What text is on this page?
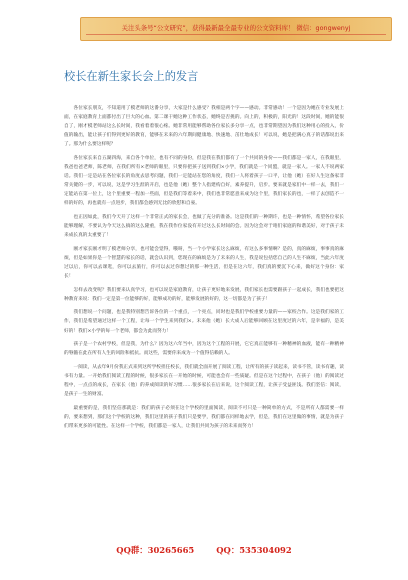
关注头条号“公文研究”，获得最新最全最专业的公文资料库！ 微信：gongwenyj
校长在新生家长会上的发言

各位家长朋友，不知道用了模老师的这番分享，大家是什么感受？我相是两个字——感动。非常感动！一个是因为她在专业发展上面，在家庭教育上面都付出了巨大的心血。第二课干她这种工作状态，她终是否挑的。向上的，积极的，阳光的！这段时间，她的能很自了，刚才模老师站这么长时间，我看着着很心疼。她非常用能够帮助各位家长多分享一点，也非常期望因为我们这种用心的投入，价值的输出，能让孩子们得到更好的教育，能够在未来的六年期间健康地、快速地、茁壮地成长！可以说，她是把满心真子的话都说出来了。那为什么要这样呢？

各位家长来自五湖四海，来自各个单位，也有不同的身份，但是我在我们都有了一个共同的身份——我们都是一家人，在我眼里，我爸也爸老师，陈老师，在我们所有×老师的眼里，只要你把孩子送到我们×小学，我们就是一个同盟，就是一家人。一家人不说两家话。我们一定是站在各位家长的角度去思考问题，我们一定能站在您的角度，我们一人将着孩子一口平，让他（她）在好人生这条家非常关键的一步，可以说，这是学习生涯的开启，也是他（她）整个人指建构自好，素养提升，启步。要来就是家们中一样一去，我们一定能站在第一位上，这个里重要一程加一些面，但是我们等着来中，我们也非常愿意来成为这个里，我们家长的也，一样了去创造不一样的好的，再也就有一点进步，我们都会感到无比的欣慰和自豪。

也正因如此，我们今天开了这样一个非常正式的家长会，也做了充分的准备。这是我们的一种期许，也是一种情怀，希望各位家长能够理解，不要认为今天这么搞的这么隆重，我在我作位家没有开过这么长时间的会。因为这会对于咱们家庭的和谐美好，对于孩子未来成长真的太重要了！

刚才家长刚才明了模老师分享，也可能会觉得，哦呀，当一个小学家长这么麻烦，有这么多事情啊？是的，真的麻烦，事事真的麻烦，但是如果你是一个智慧的家长的话，就会认识到，您现在的麻烦是为了未来的人生，我是说包括您自己的人生不麻烦，当此六年度过以后，你可以去课逛，你可以去旅行，你可以去过你想过的那一种生活，但是在这六年，我们真的要沉下心来，做好这个身份：家长！

怎样去改变呢？我们要来认真学习，也可以说是家庭教育，让孩子更好地来发展，我们家长也需要跟孩子一起成长，我们也要把这种教育来说：我们一定是第一位能够的好，能够成功的好，能够发展的好的，这一切都是为了孩子！

我们想说一个问题，也是我特别想告诉各位的一个重点，一个亮点，同时也是我们学校重要力量的——家校合作。这是我们家的工作，我们是希望通过这样一个工程，让每一个学生来到我们×。未来他（她）长大成人后能够回顾在这里度过的六年，是幸福的，是美好的！我们×小学的每一个老师，都会为此而努力！

孩子是一个农村学校，但是我，为什么？因为这六年当中，因为这个工程的开展，它它真正能够有一种精神的血液，能有一种精神的脊髓在此在所有人生的风险和抵抗。而这些，需要你来成为一个值得信赖的人。

一阅读，从去年9月份我正式来到这所学校担任校长，我们就全面开展了阅读工程，让所有的孩子读起来，读书不管，读书有趣，读书有力量。一开始我们阅读工程的时候，很多家长在一开始的时候，可能也会有一些质疑。但是在这个过程中，在孩子（他）的阅读过程中，一点点的成长，在家长（他）的养成阅读的好习惯……很多家长在后来说，这个阅读工程，让孩子受益匪浅。我们坚信：阅读，是孩子一生的财富。

最重要的是，我们坚信那就是：我们的孩子必须在这个学校的里面阅读，阅读不可只是一种简单的方式，不是所有人都需要一样的，要来想到，那们这个学校的这种，我们这里的孩子我们只是要学，我们都在同样地去学，但是，我们在这里做的事情，就是为孩子们带来更多的可能性。在这样一个学校，我们都是一家人，让我们共同为孩子的未来而努力！

QQ群：30265665	QQ：535304092
